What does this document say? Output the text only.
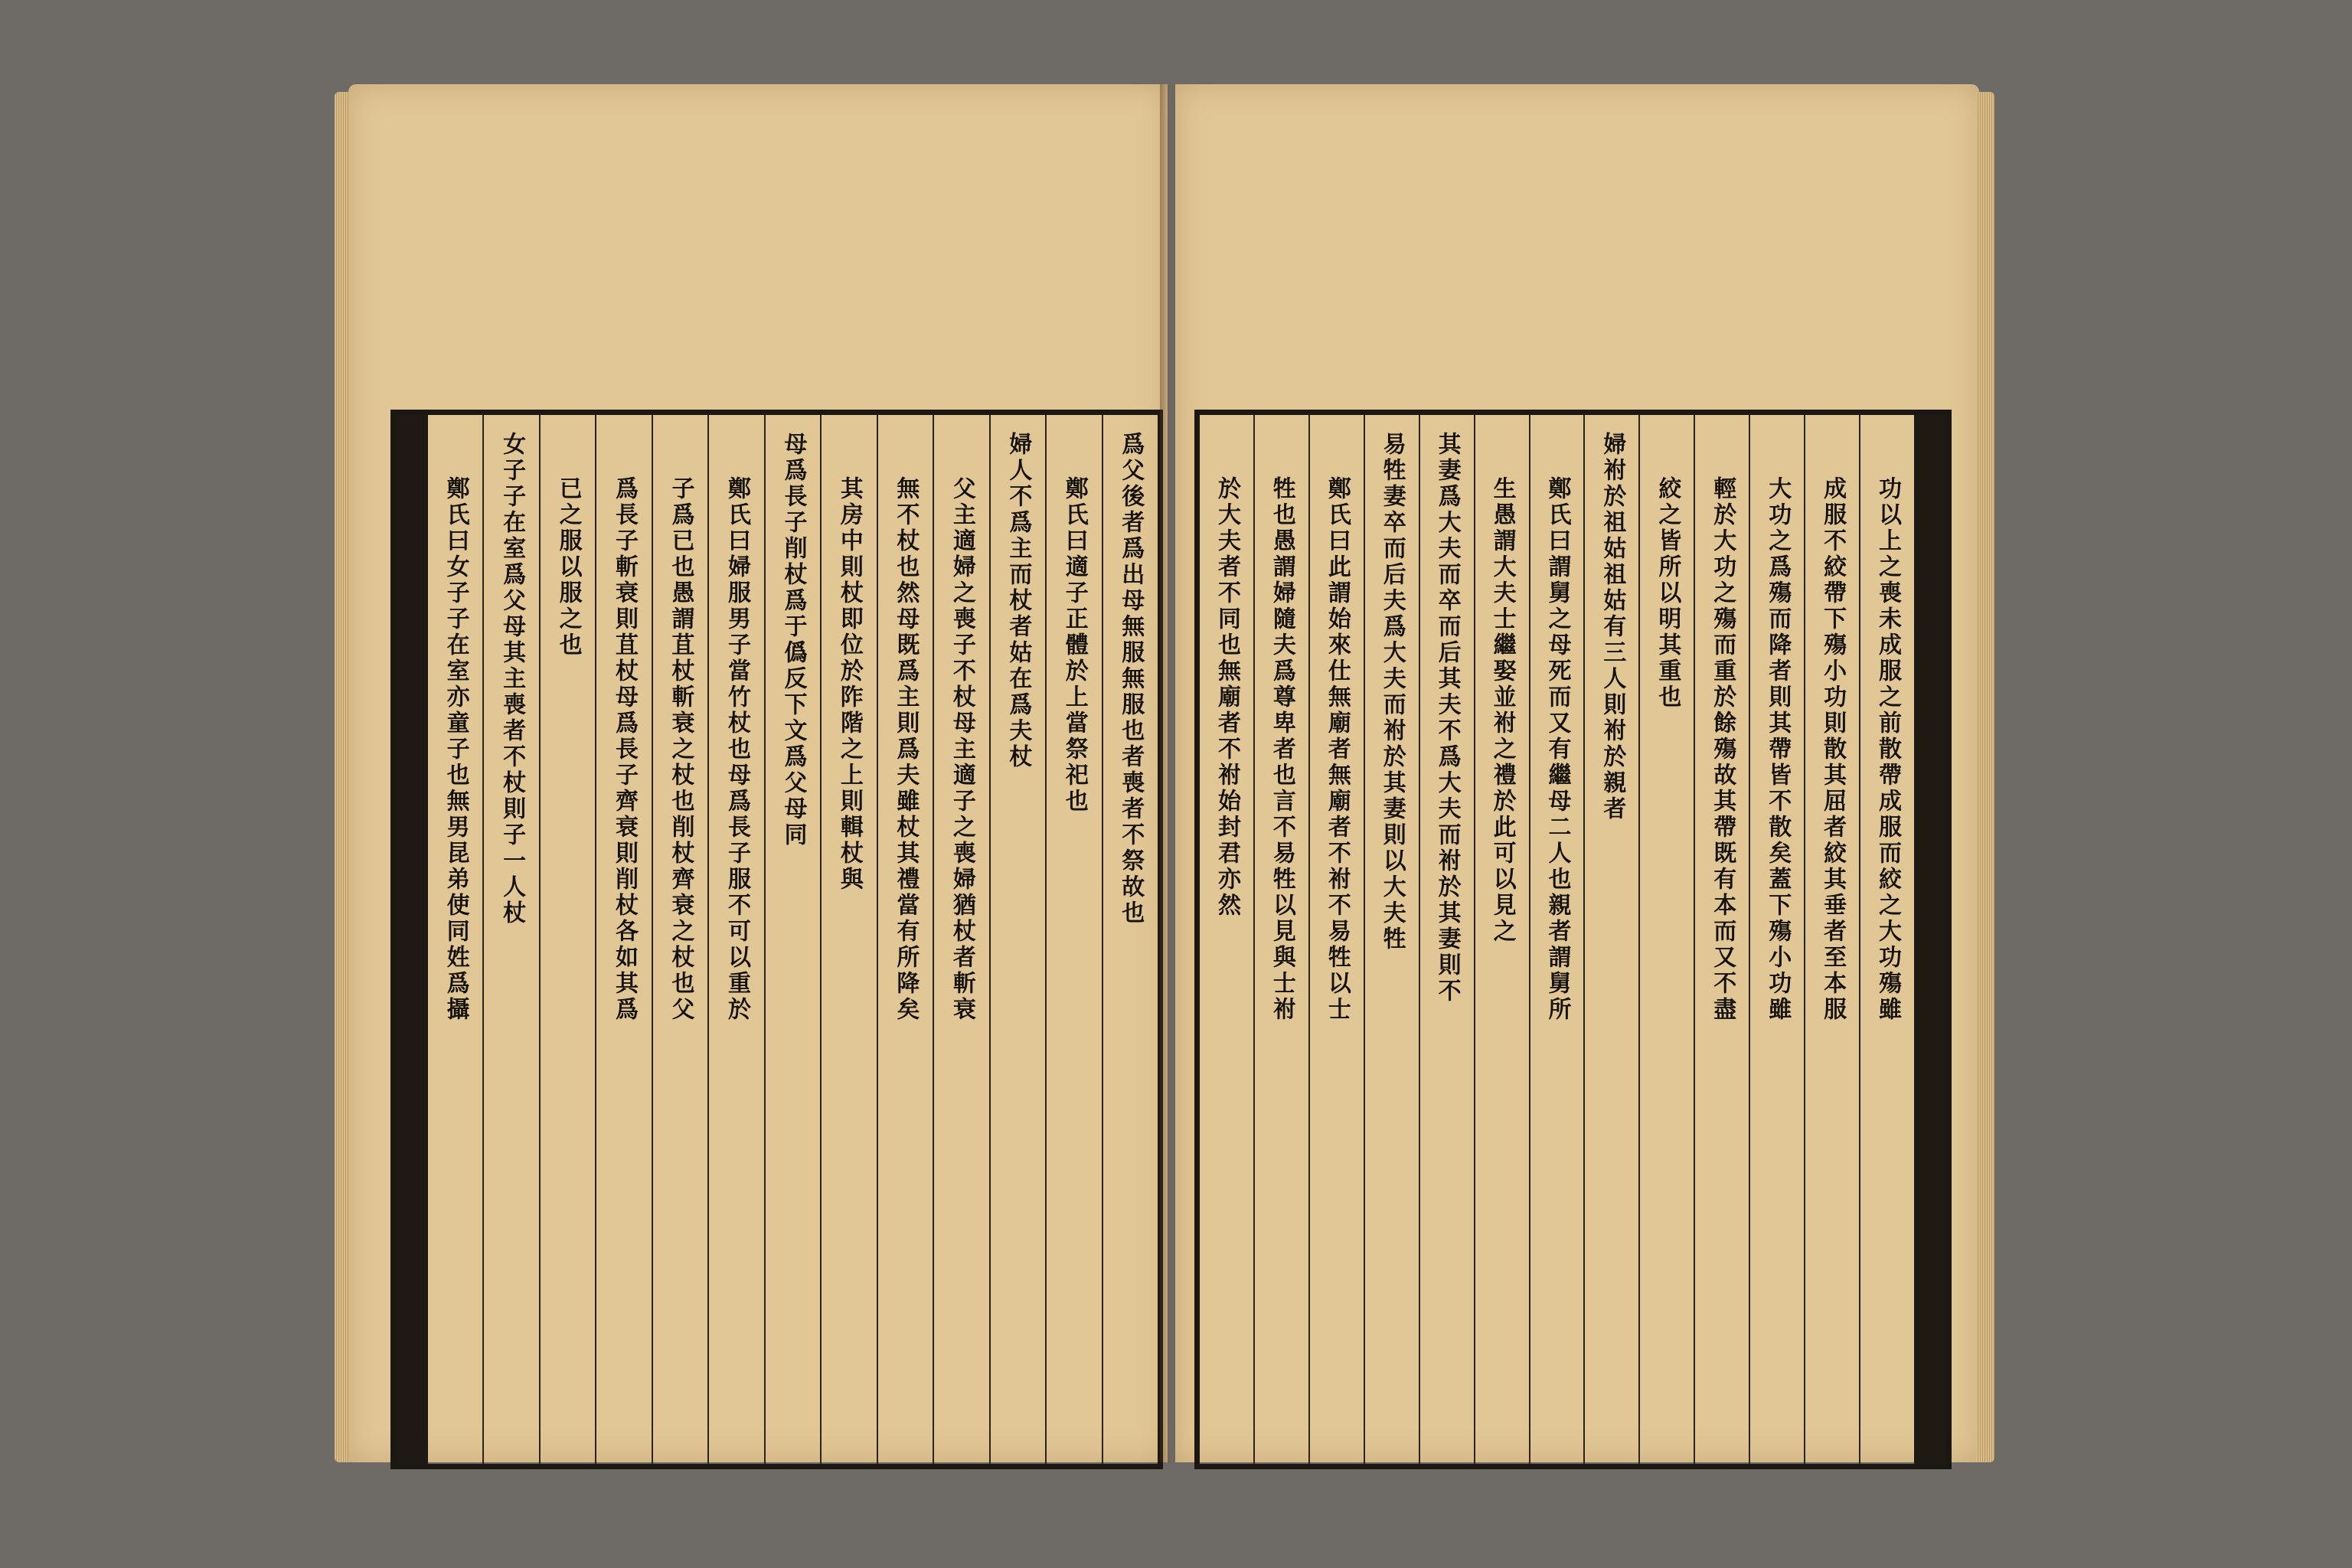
爲父後者爲出母無服無服也者喪者不祭故也
鄭氏曰適子正體於上當祭祀也
婦人不爲主而杖者姑在爲夫杖
父主適婦之喪子不杖母主適子之喪婦猶杖者斬衰
無不杖也然母既爲主則爲夫雖杖其禮當有所降矣
其房中則杖即位於阼階之上則輯杖與
母爲長子削杖爲于僞反下文爲父母同
鄭氏曰婦服男子當竹杖也母爲長子服不可以重於
子爲已也愚謂苴杖斬衰之杖也削杖齊衰之杖也父
爲長子斬衰則苴杖母爲長子齊衰則削杖各如其爲
已之服以服之也
女子子在室爲父母其主喪者不杖則子一人杖
鄭氏曰女子子在室亦童子也無男昆弟使同姓爲攝	功以上之喪未成服之前散帶成服而絞之大功殤雖
成服不絞帶下殤小功則散其屈者絞其垂者至本服
大功之爲殤而降者則其帶皆不散矣蓋下殤小功雖
輕於大功之殤而重於餘殤故其帶既有本而又不盡
絞之皆所以明其重也
婦祔於祖姑祖姑有三人則祔於親者
鄭氏曰謂舅之母死而又有繼母二人也親者謂舅所
生愚謂大夫士繼娶並祔之禮於此可以見之
其妻爲大夫而卒而后其夫不爲大夫而祔於其妻則不
易牲妻卒而后夫爲大夫而祔於其妻則以大夫牲
鄭氏曰此謂始來仕無廟者無廟者不祔不易牲以士
牲也愚謂婦隨夫爲尊卑者也言不易牲以見與士祔
於大夫者不同也無廟者不祔始封君亦然
